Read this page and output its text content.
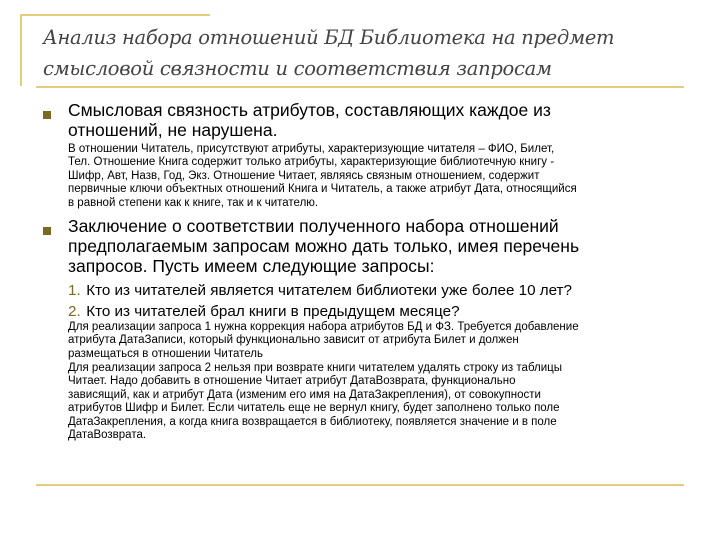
Анализ набора отношений БД Библиотека на предмет
смысловой связности и соответствия запросам
Смысловая связность атрибутов, составляющих каждое из
отношений, не нарушена.
В отношении Читатель, присутствуют атрибуты, характеризующие читателя – ФИО, Билет,
Тел. Отношение Книга содержит только атрибуты, характеризующие библиотечную книгу -
Шифр, Авт, Назв, Год, Экз. Отношение Читает, являясь связным отношением, содержит
первичные ключи объектных отношений Книга и Читатель, а также атрибут Дата, относящийся
в равной степени как к книге, так и к читателю.
Заключение о соответствии полученного набора отношений
предполагаемым запросам можно дать только, имея перечень
запросов. Пусть имеем следующие запросы:
1. Кто из читателей является читателем библиотеки уже более 10 лет?
2. Кто из читателей брал книги в предыдущем месяце?
Для реализации запроса 1 нужна коррекция набора атрибутов БД и ФЗ. Требуется добавление
атрибута ДатаЗаписи, который функционально зависит от атрибута Билет и должен
размещаться в отношении Читатель
Для реализации запроса 2 нельзя при возврате книги читателем удалять строку из таблицы
Читает. Надо добавить в отношение Читает атрибут ДатаВозврата, функционально
зависящий, как и атрибут Дата (изменим его имя на ДатаЗакрепления), от совокупности
атрибутов Шифр и Билет. Если читатель еще не вернул книгу, будет заполнено только поле
ДатаЗакрепления, а когда книга возвращается в библиотеку, появляется значение и в поле
ДатаВозврата.
